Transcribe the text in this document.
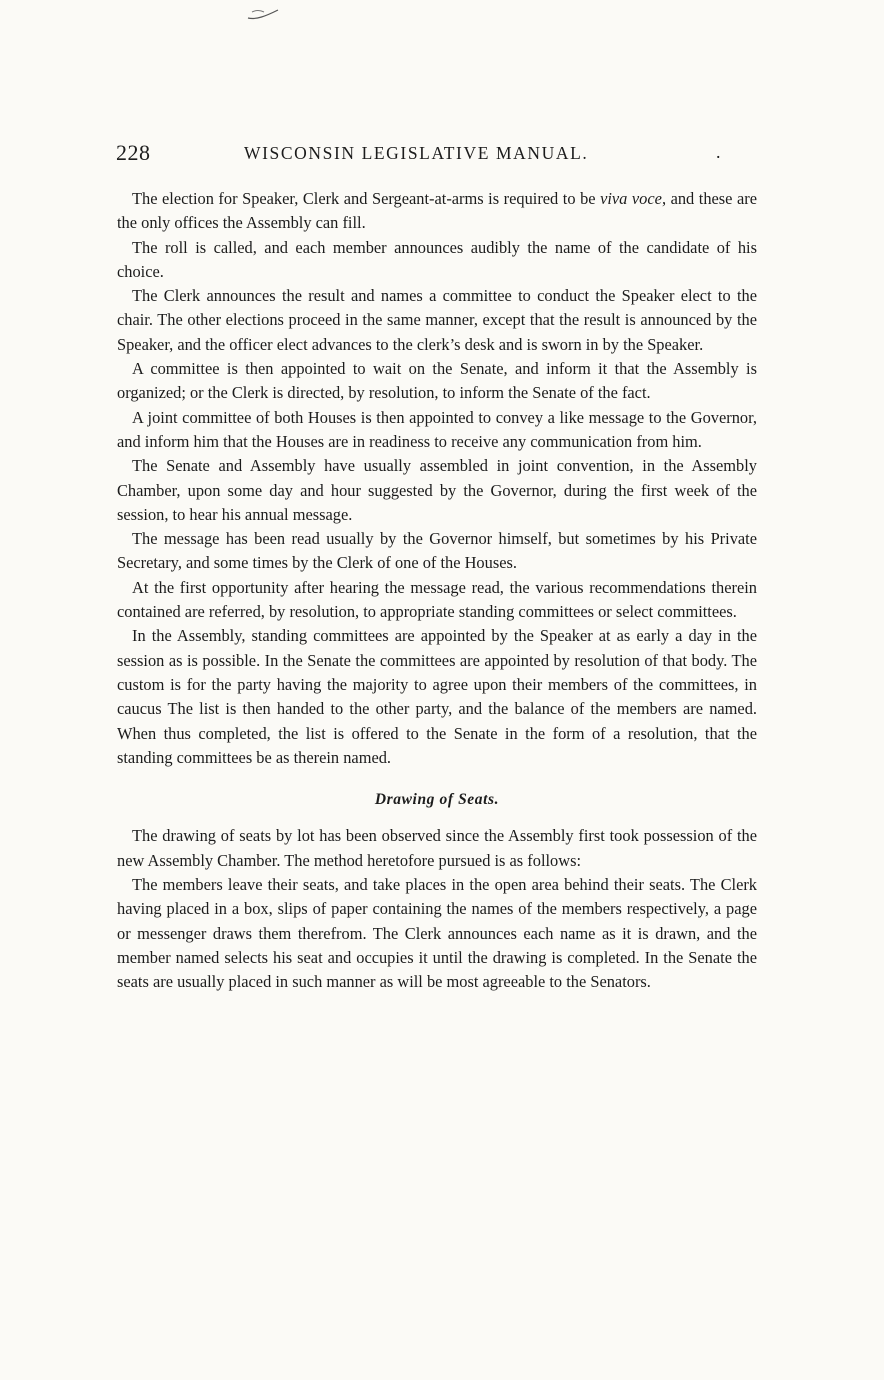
228	WISCONSIN LEGISLATIVE MANUAL.	.

The election for Speaker, Clerk and Sergeant-at-arms is required to be viva voce, and these are the only offices the Assembly can fill.

The roll is called, and each member announces audibly the name of the candidate of his choice.

The Clerk announces the result and names a committee to conduct the Speaker elect to the chair. The other elections proceed in the same manner, except that the result is announced by the Speaker, and the officer elect advances to the clerk’s desk and is sworn in by the Speaker.

A committee is then appointed to wait on the Senate, and inform it that the Assembly is organized; or the Clerk is directed, by resolution, to inform the Senate of the fact.

A joint committee of both Houses is then appointed to convey a like message to the Governor, and inform him that the Houses are in readiness to receive any communication from him.

The Senate and Assembly have usually assembled in joint convention, in the Assembly Chamber, upon some day and hour suggested by the Governor, during the first week of the session, to hear his annual message.

The message has been read usually by the Governor himself, but sometimes by his Private Secretary, and some times by the Clerk of one of the Houses.

At the first opportunity after hearing the message read, the various recommendations therein contained are referred, by resolution, to appropriate standing committees or select committees.

In the Assembly, standing committees are appointed by the Speaker at as early a day in the session as is possible. In the Senate the committees are appointed by resolution of that body. The custom is for the party having the majority to agree upon their members of the committees, in caucus The list is then handed to the other party, and the balance of the members are named. When thus completed, the list is offered to the Senate in the form of a resolution, that the standing committees be as therein named.

Drawing of Seats.

The drawing of seats by lot has been observed since the Assembly first took possession of the new Assembly Chamber. The method heretofore pursued is as follows:

The members leave their seats, and take places in the open area behind their seats. The Clerk having placed in a box, slips of paper containing the names of the members respectively, a page or messenger draws them therefrom. The Clerk announces each name as it is drawn, and the member named selects his seat and occupies it until the drawing is completed. In the Senate the seats are usually placed in such manner as will be most agreeable to the Senators.
